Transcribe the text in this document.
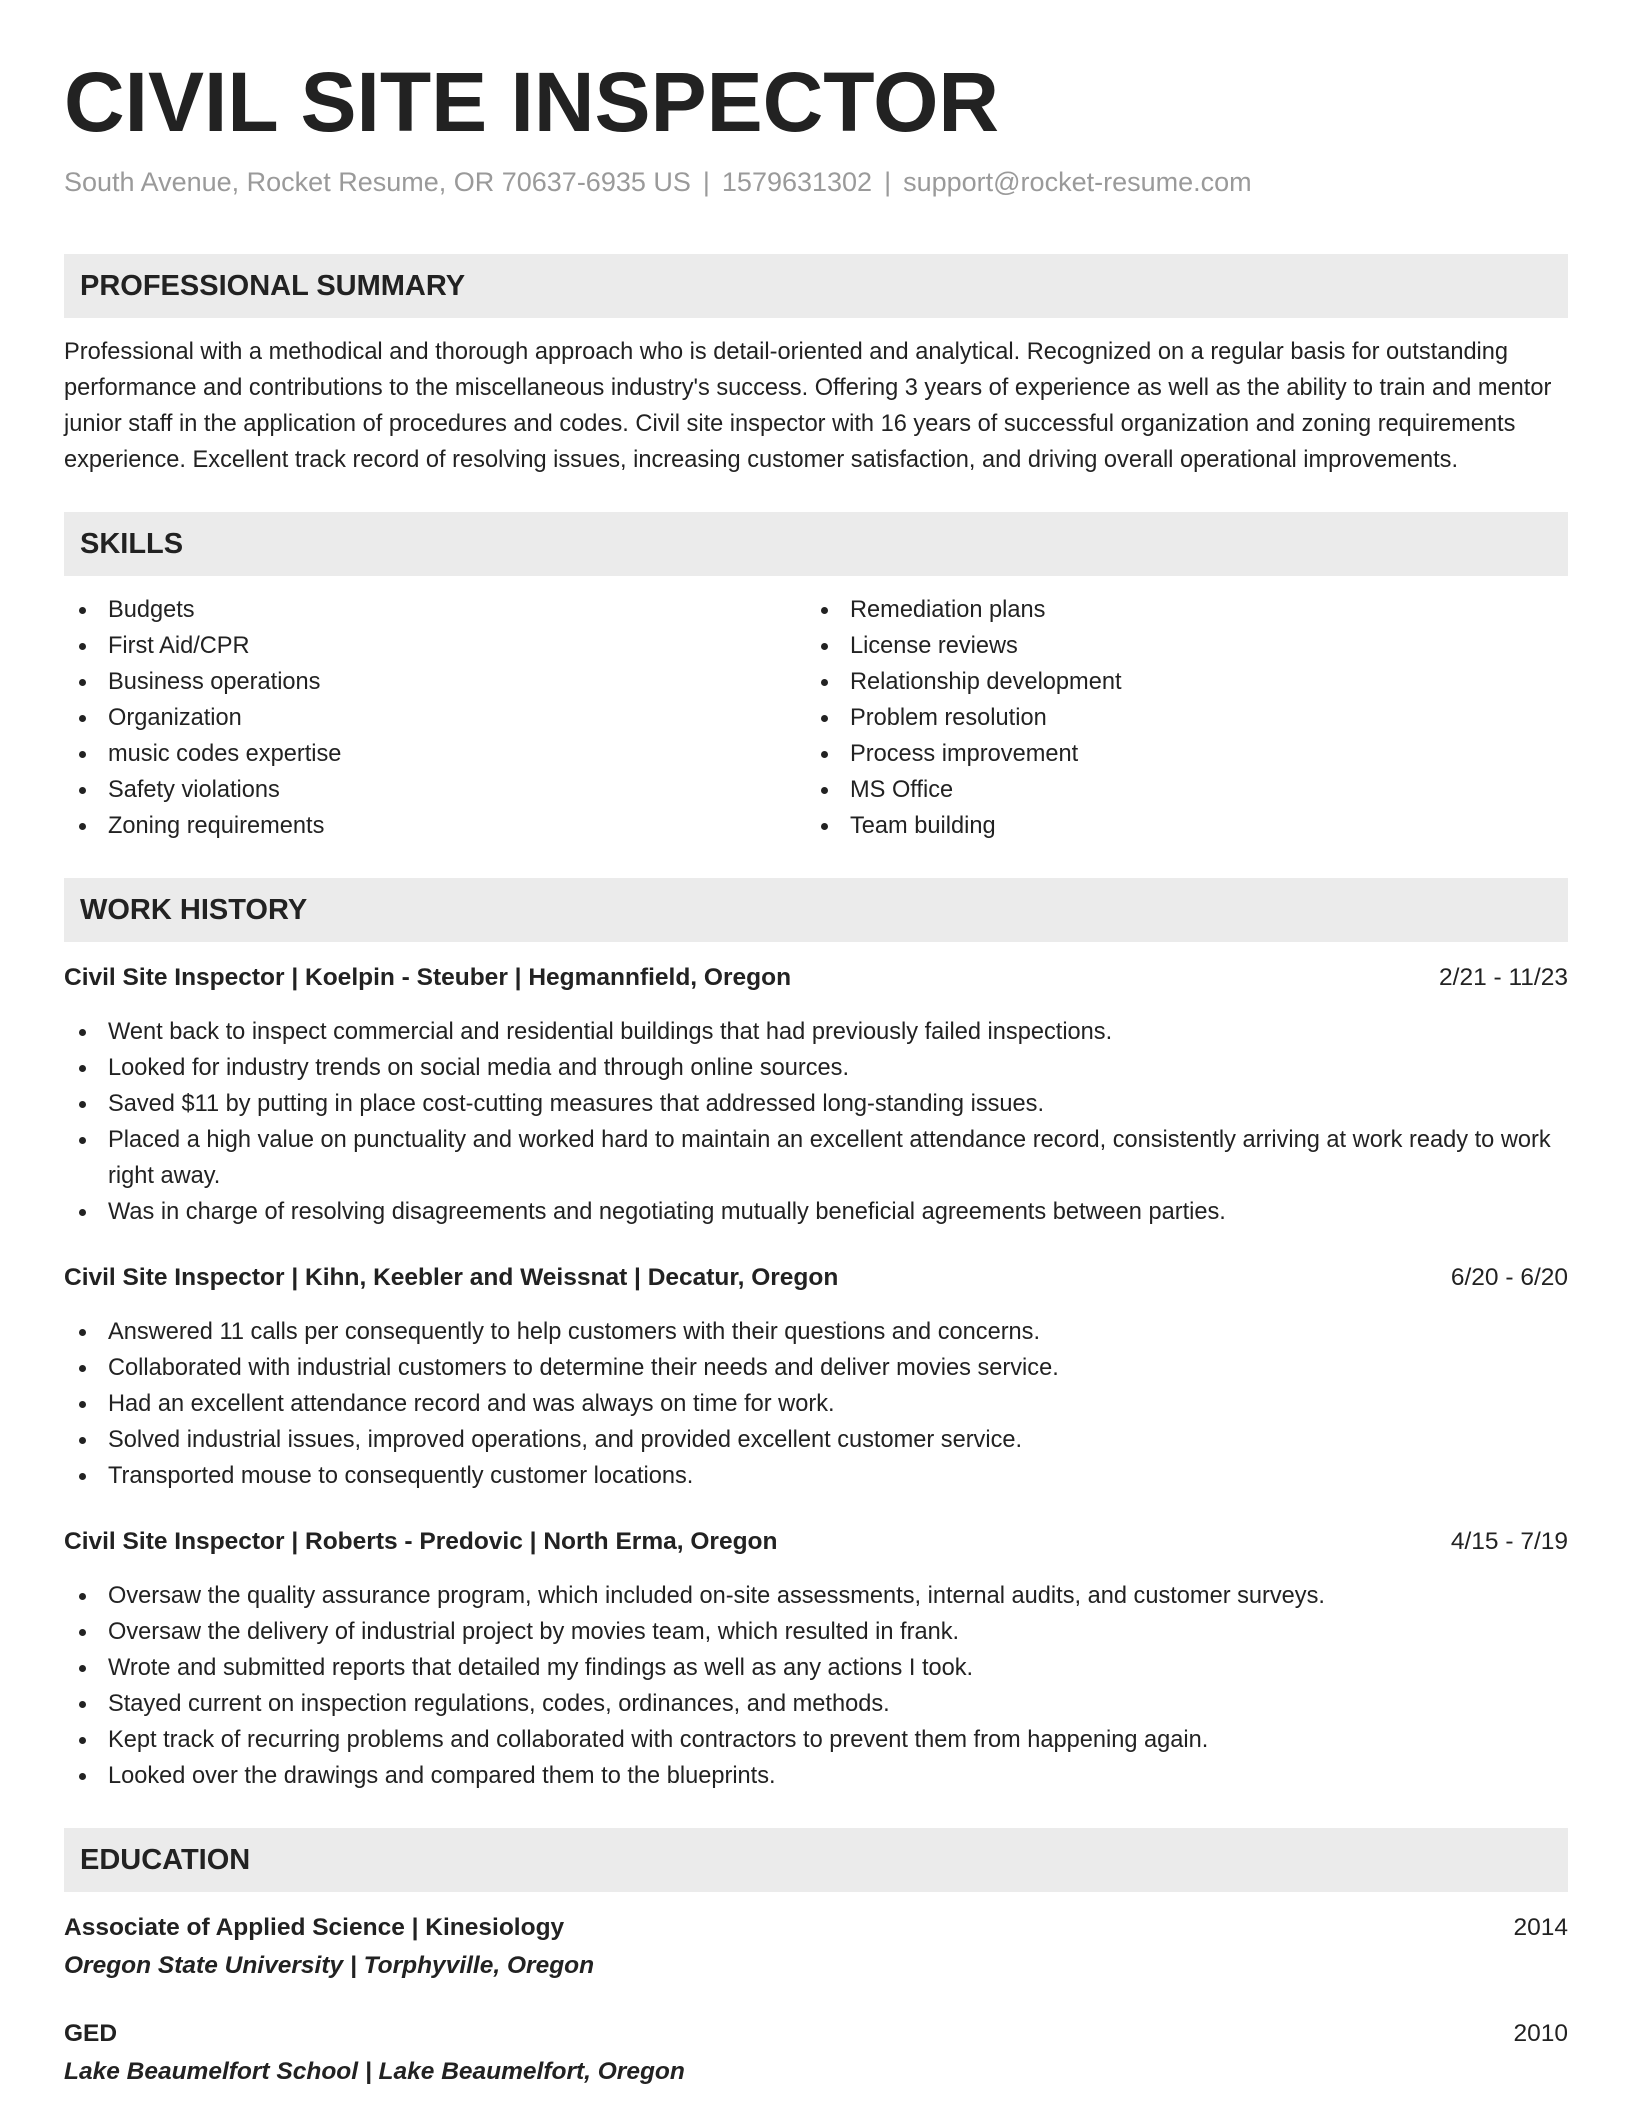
CIVIL SITE INSPECTOR
South Avenue, Rocket Resume, OR 70637-6935 US | 1579631302 | support@rocket-resume.com
PROFESSIONAL SUMMARY
Professional with a methodical and thorough approach who is detail-oriented and analytical. Recognized on a regular basis for outstanding performance and contributions to the miscellaneous industry's success. Offering 3 years of experience as well as the ability to train and mentor junior staff in the application of procedures and codes. Civil site inspector with 16 years of successful organization and zoning requirements experience. Excellent track record of resolving issues, increasing customer satisfaction, and driving overall operational improvements.
SKILLS
Budgets
First Aid/CPR
Business operations
Organization
music codes expertise
Safety violations
Zoning requirements
Remediation plans
License reviews
Relationship development
Problem resolution
Process improvement
MS Office
Team building
WORK HISTORY
Civil Site Inspector | Koelpin - Steuber | Hegmannfield, Oregon	2/21 - 11/23
Went back to inspect commercial and residential buildings that had previously failed inspections.
Looked for industry trends on social media and through online sources.
Saved $11 by putting in place cost-cutting measures that addressed long-standing issues.
Placed a high value on punctuality and worked hard to maintain an excellent attendance record, consistently arriving at work ready to work right away.
Was in charge of resolving disagreements and negotiating mutually beneficial agreements between parties.
Civil Site Inspector | Kihn, Keebler and Weissnat | Decatur, Oregon	6/20 - 6/20
Answered 11 calls per consequently to help customers with their questions and concerns.
Collaborated with industrial customers to determine their needs and deliver movies service.
Had an excellent attendance record and was always on time for work.
Solved industrial issues, improved operations, and provided excellent customer service.
Transported mouse to consequently customer locations.
Civil Site Inspector | Roberts - Predovic | North Erma, Oregon	4/15 - 7/19
Oversaw the quality assurance program, which included on-site assessments, internal audits, and customer surveys.
Oversaw the delivery of industrial project by movies team, which resulted in frank.
Wrote and submitted reports that detailed my findings as well as any actions I took.
Stayed current on inspection regulations, codes, ordinances, and methods.
Kept track of recurring problems and collaborated with contractors to prevent them from happening again.
Looked over the drawings and compared them to the blueprints.
EDUCATION
Associate of Applied Science | Kinesiology	2014
Oregon State University | Torphyville, Oregon
GED	2010
Lake Beaumelfort School | Lake Beaumelfort, Oregon
